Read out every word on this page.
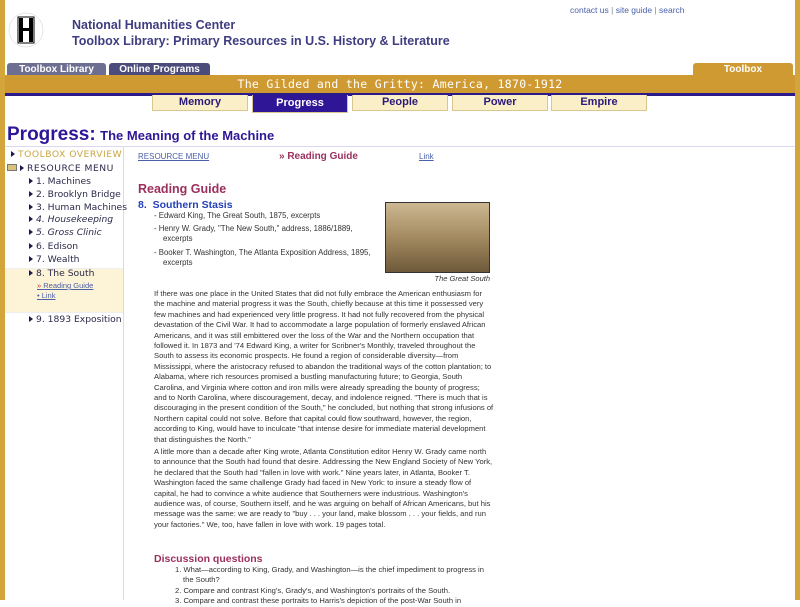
National Humanities Center
Toolbox Library: Primary Resources in U.S. History & Literature
contact us | site guide | search
Toolbox Library	Online Programs	Toolbox
The Gilded and the Gritty: America, 1870-1912
Memory	Progress	People	Power	Empire
Progress: The Meaning of the Machine
TOOLBOX OVERVIEW
RESOURCE MENU
1. Machines
2. Brooklyn Bridge
3. Human Machines
4. Housekeeping
5. Gross Clinic
6. Edison
7. Wealth
8. The South
» Reading Guide
• Link
9. 1893 Exposition
RESOURCE MENU	» Reading Guide	Link
Reading Guide
8. Southern Stasis
- Edward King, The Great South, 1875, excerpts
- Henry W. Grady, "The New South," address, 1886/1889, excerpts
- Booker T. Washington, The Atlanta Exposition Address, 1895, excerpts
The Great South
If there was one place in the United States that did not fully embrace the American enthusiasm for the machine and material progress it was the South, chiefly because at this time it possessed very few machines and had experienced very little progress. It had not fully recovered from the physical devastation of the Civil War. It had to accommodate a large population of formerly enslaved African Americans, and it was still embittered over the loss of the War and the Northern occupation that followed it. In 1873 and '74 Edward King, a writer for Scribner's Monthly, traveled throughout the South to assess its economic prospects. He found a region of considerable diversity—from Mississippi, where the aristocracy refused to abandon the traditional ways of the cotton plantation; to Alabama, where rich resources promised a bustling manufacturing future; to Georgia, South Carolina, and Virginia where cotton and iron mills were already spreading the bounty of progress; and to North Carolina, where discouragement, decay, and indolence reigned. "There is much that is discouraging in the present condition of the South," he concluded, but nothing that strong infusions of Northern capital could not solve. Before that capital could flow southward, however, the region, according to King, would have to inculcate "that intense desire for immediate material development that distinguishes the North."
A little more than a decade after King wrote, Atlanta Constitution editor Henry W. Grady came north to announce that the South had found that desire. Addressing the New England Society of New York, he declared that the South had "fallen in love with work." Nine years later, in Atlanta, Booker T. Washington faced the same challenge Grady had faced in New York: to insure a steady flow of capital, he had to convince a white audience that Southerners were industrious. Washington's audience was, of course, Southern itself, and he was arguing on behalf of African Americans, but his message was the same: we are ready to "buy . . . your land, make blossom . . . your fields, and run your factories." We, too, have fallen in love with work. 19 pages total.
Discussion questions
1. What—according to King, Grady, and Washington—is the chief impediment to progress in the South?
2. Compare and contrast King's, Grady's, and Washington's portraits of the South.
3. Compare and contrast these portraits to Harris's depiction of the post-War South in
